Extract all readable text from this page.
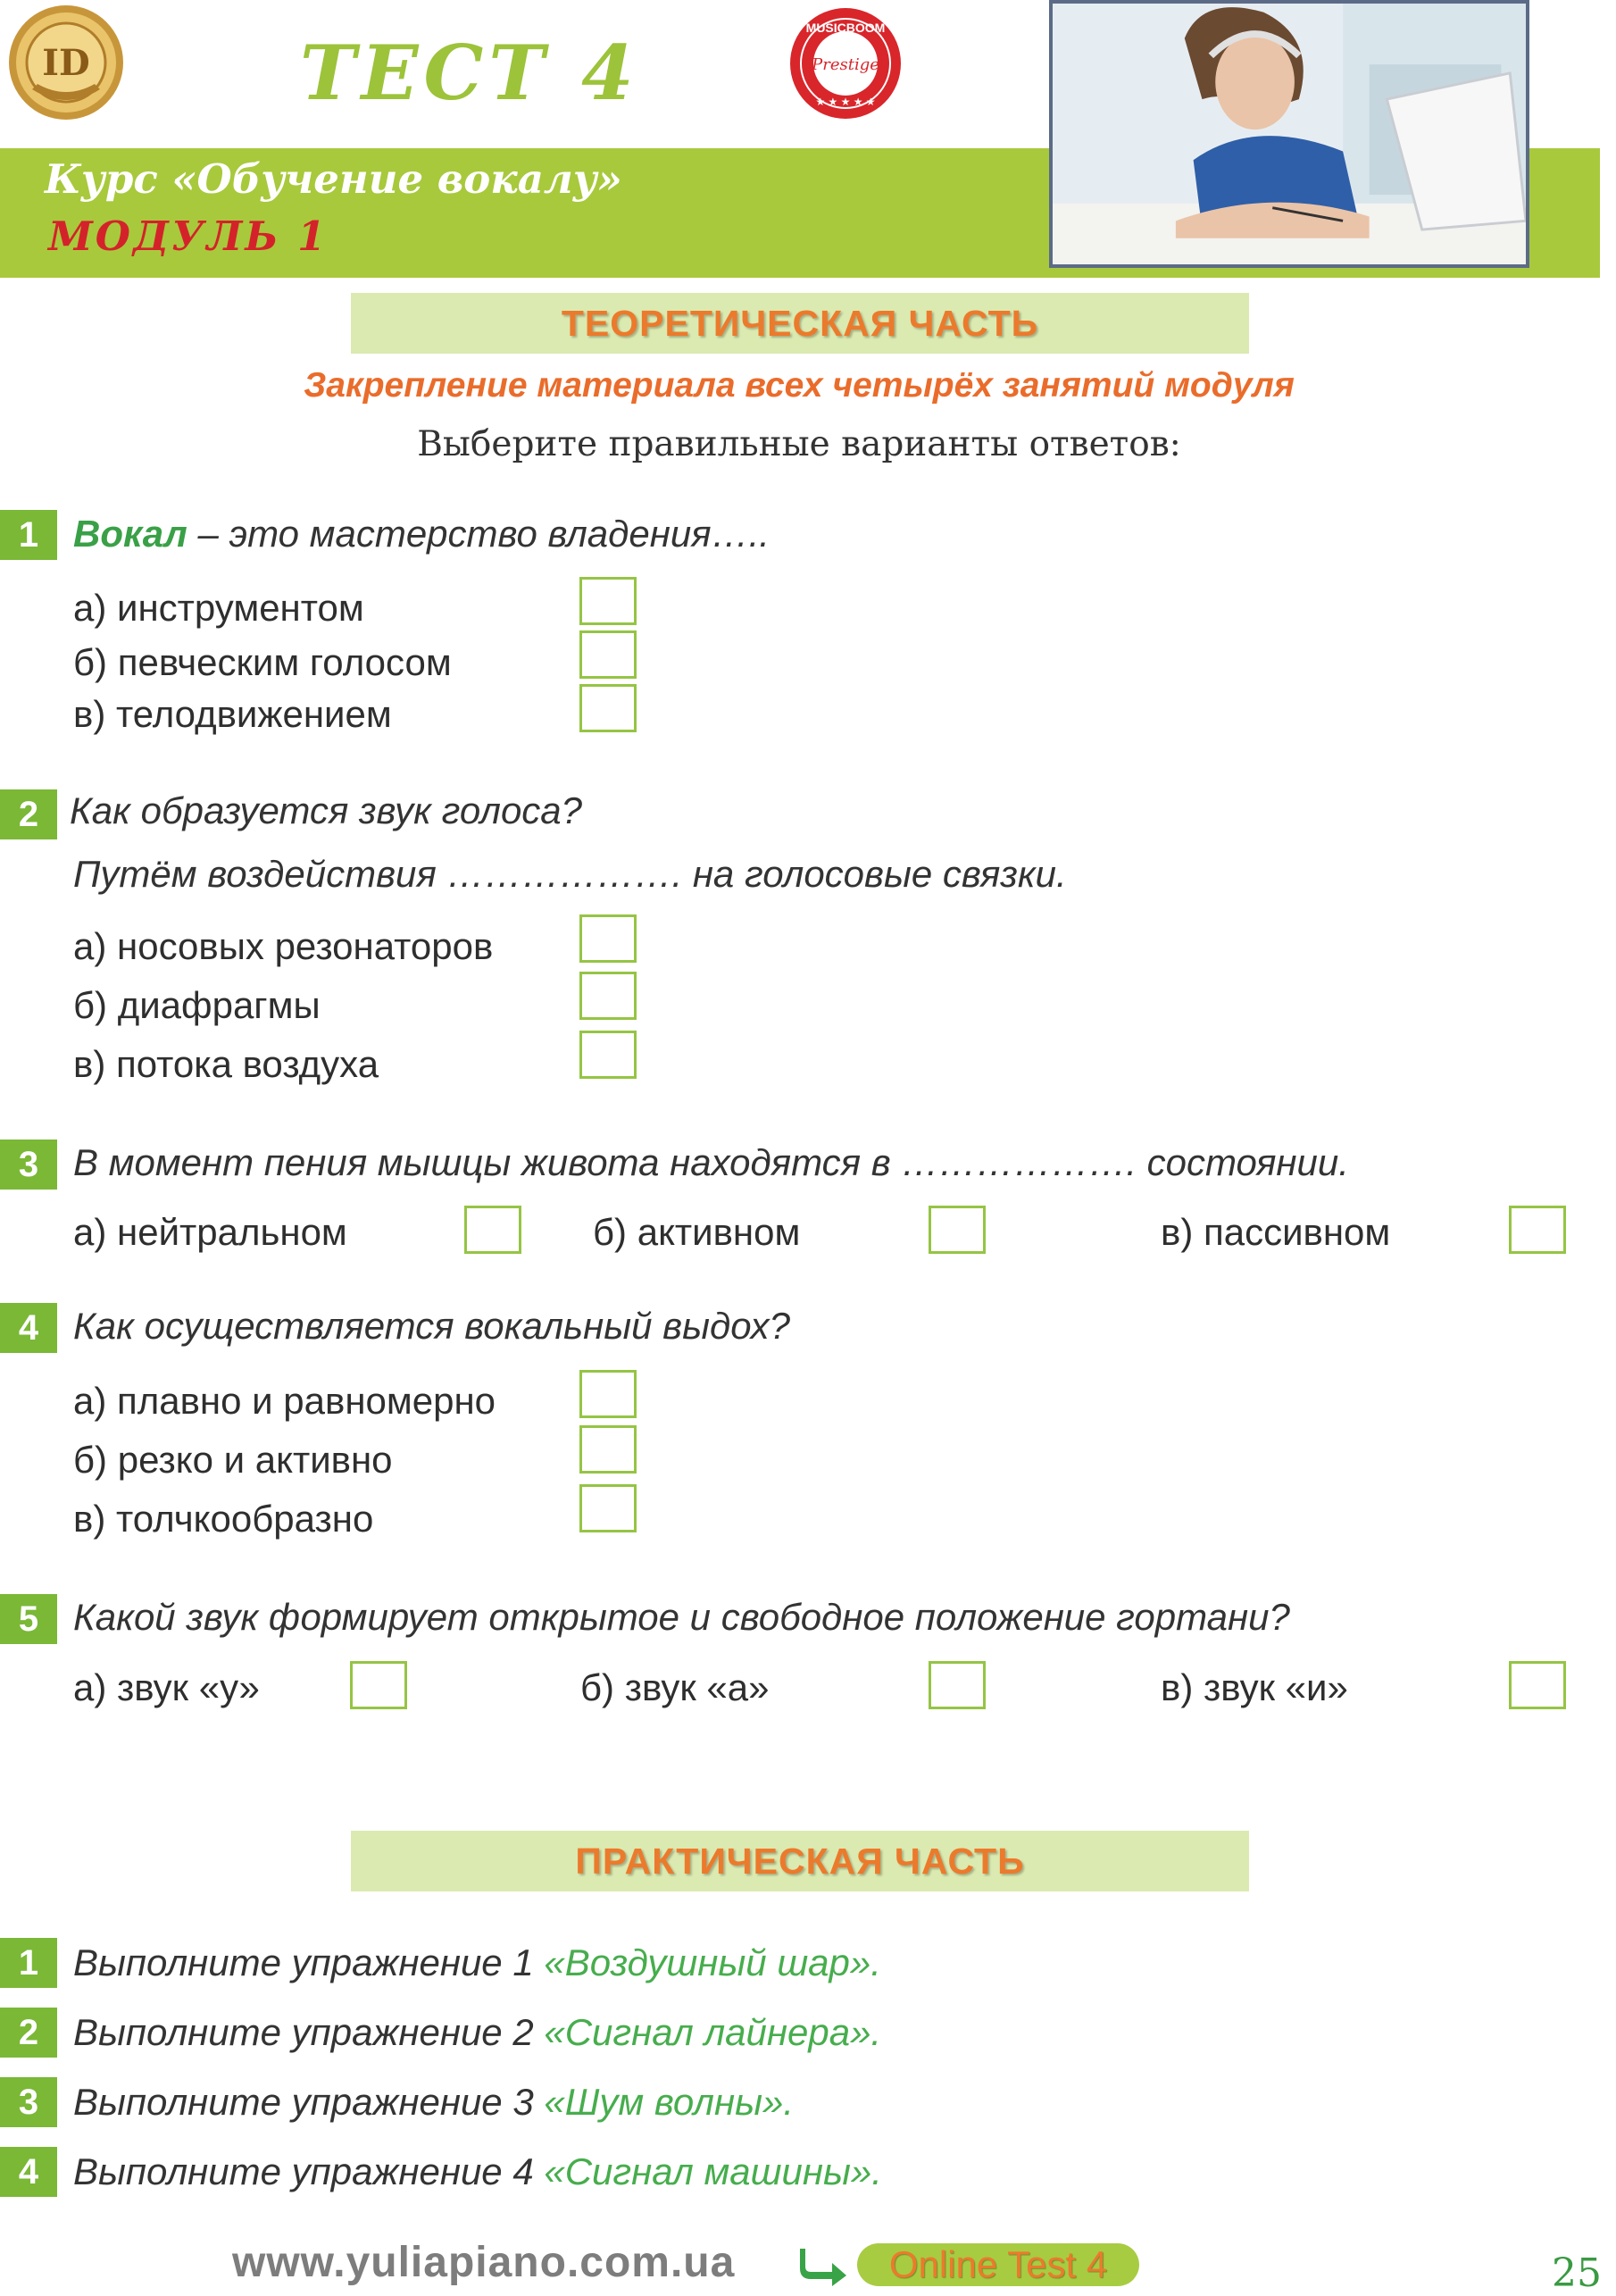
ID	ТЕСТ 4
MUSICBOOM
Prestige
★ ★ ★ ★ ★
Курс «Обучение вокалу»
МОДУЛЬ 1
ТЕОРЕТИЧЕСКАЯ ЧАСТЬ
Закрепление материала всех четырёх занятий модуля
Выберите правильные варианты ответов:
1 Вокал – это мастерство владения…..
а) инструментом
б) певческим голосом
в) телодвижением
2 Как образуется звук голоса?
Путём воздействия ………………. на голосовые связки.
а) носовых резонаторов
б) диафрагмы
в) потока воздуха
3 В момент пения мышцы живота находятся в ………………. состоянии.
а) нейтральном	б) активном	в) пассивном
4 Как осуществляется вокальный выдох?
а) плавно и равномерно
б) резко и активно
в) толчкообразно
5 Какой звук формирует открытое и свободное положение гортани?
а) звук «у»	б) звук «а»	в) звук «и»
ПРАКТИЧЕСКАЯ ЧАСТЬ
1 Выполните упражнение 1 «Воздушный шар».
2 Выполните упражнение 2 «Сигнал лайнера».
3 Выполните упражнение 3 «Шум волны».
4 Выполните упражнение 4 «Сигнал машины».
www.yuliapiano.com.ua	Online Test 4	25
